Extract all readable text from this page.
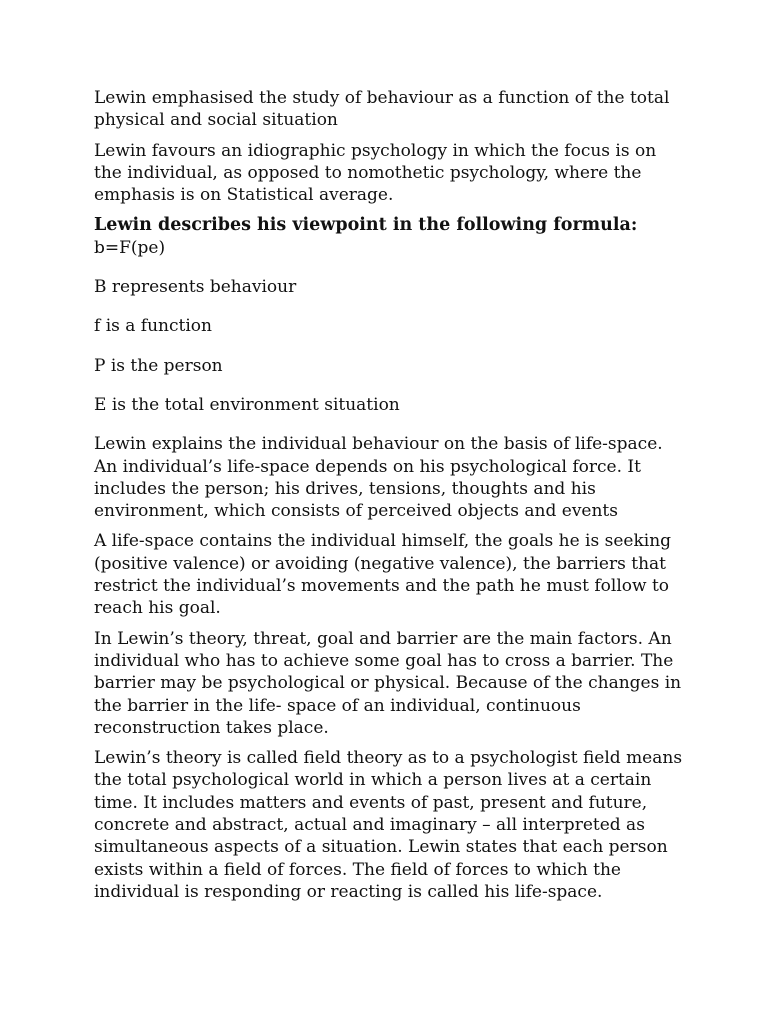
Lewin emphasised the study of behaviour as a function of the total
physical and social situation

Lewin favours an idiographic psychology in which the focus is on
the individual, as opposed to nomothetic psychology, where the
emphasis is on Statistical average.

Lewin describes his viewpoint in the following formula:

b=F(pe)

B represents behaviour

f is a function

P is the person

E is the total environment situation

Lewin explains the individual behaviour on the basis of life-space.
An individual’s life-space depends on his psychological force. It
includes the person; his drives, tensions, thoughts and his
environment, which consists of perceived objects and events

A life-space contains the individual himself, the goals he is seeking
(positive valence) or avoiding (negative valence), the barriers that
restrict the individual’s movements and the path he must follow to
reach his goal.

In Lewin’s theory, threat, goal and barrier are the main factors. An
individual who has to achieve some goal has to cross a barrier. The
barrier may be psychological or physical. Because of the changes in
the barrier in the life- space of an individual, continuous
reconstruction takes place.

Lewin’s theory is called field theory as to a psychologist field means
the total psychological world in which a person lives at a certain
time. It includes matters and events of past, present and future,
concrete and abstract, actual and imaginary – all interpreted as
simultaneous aspects of a situation. Lewin states that each person
exists within a field of forces. The field of forces to which the
individual is responding or reacting is called his life-space.
